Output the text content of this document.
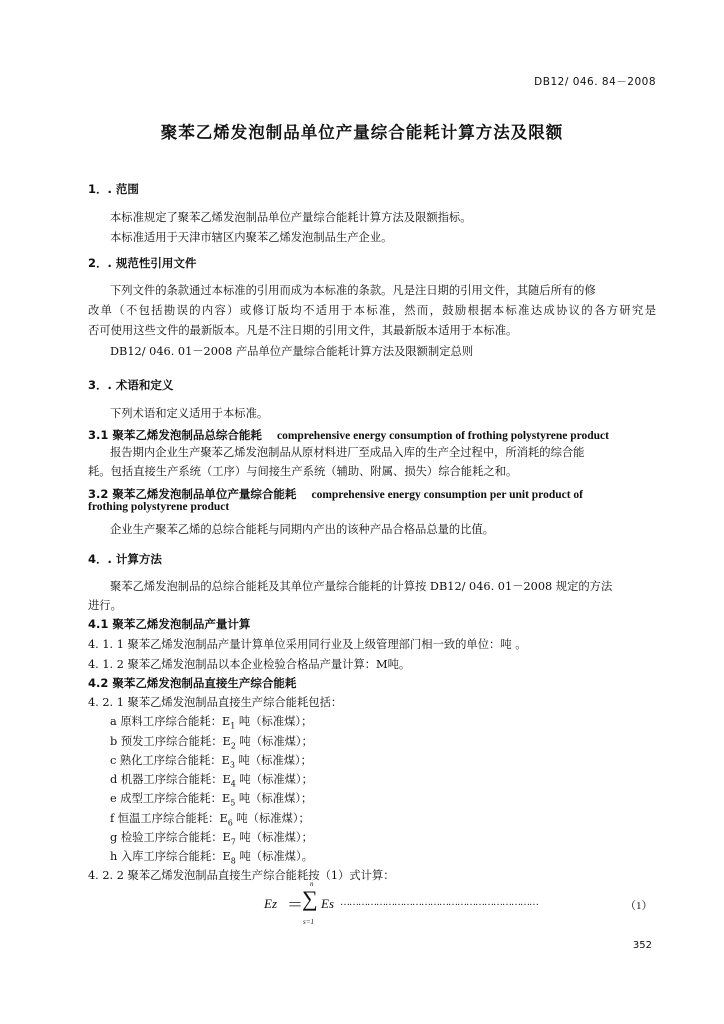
DB12/ 046. 84－2008
聚苯乙烯发泡制品单位产量综合能耗计算方法及限额
1．. 范围
本标准规定了聚苯乙烯发泡制品单位产量综合能耗计算方法及限额指标。
本标准适用于天津市辖区内聚苯乙烯发泡制品生产企业。
2．. 规范性引用文件
下列文件的条款通过本标准的引用而成为本标准的条款。凡是注日期的引用文件，其随后所有的修
改单（不包括勘误的内容）或修订版均不适用于本标准，然而，鼓励根据本标准达成协议的各方研究是
否可使用这些文件的最新版本。凡是不注日期的引用文件，其最新版本适用于本标准。
DB12/ 046. 01－2008 产品单位产量综合能耗计算方法及限额制定总则
3．. 术语和定义
下列术语和定义适用于本标准。
3.1 聚苯乙烯发泡制品总综合能耗 comprehensive energy consumption of frothing polystyrene product
报告期内企业生产聚苯乙烯发泡制品从原材料进厂至成品入库的生产全过程中，所消耗的综合能
耗。包括直接生产系统（工序）与间接生产系统（辅助、附属、损失）综合能耗之和。
3.2 聚苯乙烯发泡制品单位产量综合能耗 comprehensive energy consumption per unit product of
frothing polystyrene product
企业生产聚苯乙烯的总综合能耗与同期内产出的该种产品合格品总量的比值。
4．. 计算方法
聚苯乙烯发泡制品的总综合能耗及其单位产量综合能耗的计算按 DB12/ 046. 01－2008 规定的方法
进行。
4.1 聚苯乙烯发泡制品产量计算
4. 1. 1 聚苯乙烯发泡制品产量计算单位采用同行业及上级管理部门相一致的单位：吨 。
4. 1. 2 聚苯乙烯发泡制品以本企业检验合格品产量计算：M吨。
4.2 聚苯乙烯发泡制品直接生产综合能耗
4. 2. 1 聚苯乙烯发泡制品直接生产综合能耗包括：
a 原料工序综合能耗：$E_1$ 吨（标准煤）；
b 预发工序综合能耗：$E_2$ 吨（标准煤）；
c 熟化工序综合能耗：$E_3$ 吨（标准煤）；
d 机器工序综合能耗：$E_4$ 吨（标准煤）；
e 成型工序综合能耗：$E_5$ 吨（标准煤）；
f 恒温工序综合能耗：$E_6$ 吨（标准煤）；
g 检验工序综合能耗：$E_7$ 吨（标准煤）；
h 入库工序综合能耗：$E_8$ 吨（标准煤）。
4. 2. 2 聚苯乙烯发泡制品直接生产综合能耗按（1）式计算：
Ez ＝
∑
n
s=1
Es …………………………………………………………	（1）
352
